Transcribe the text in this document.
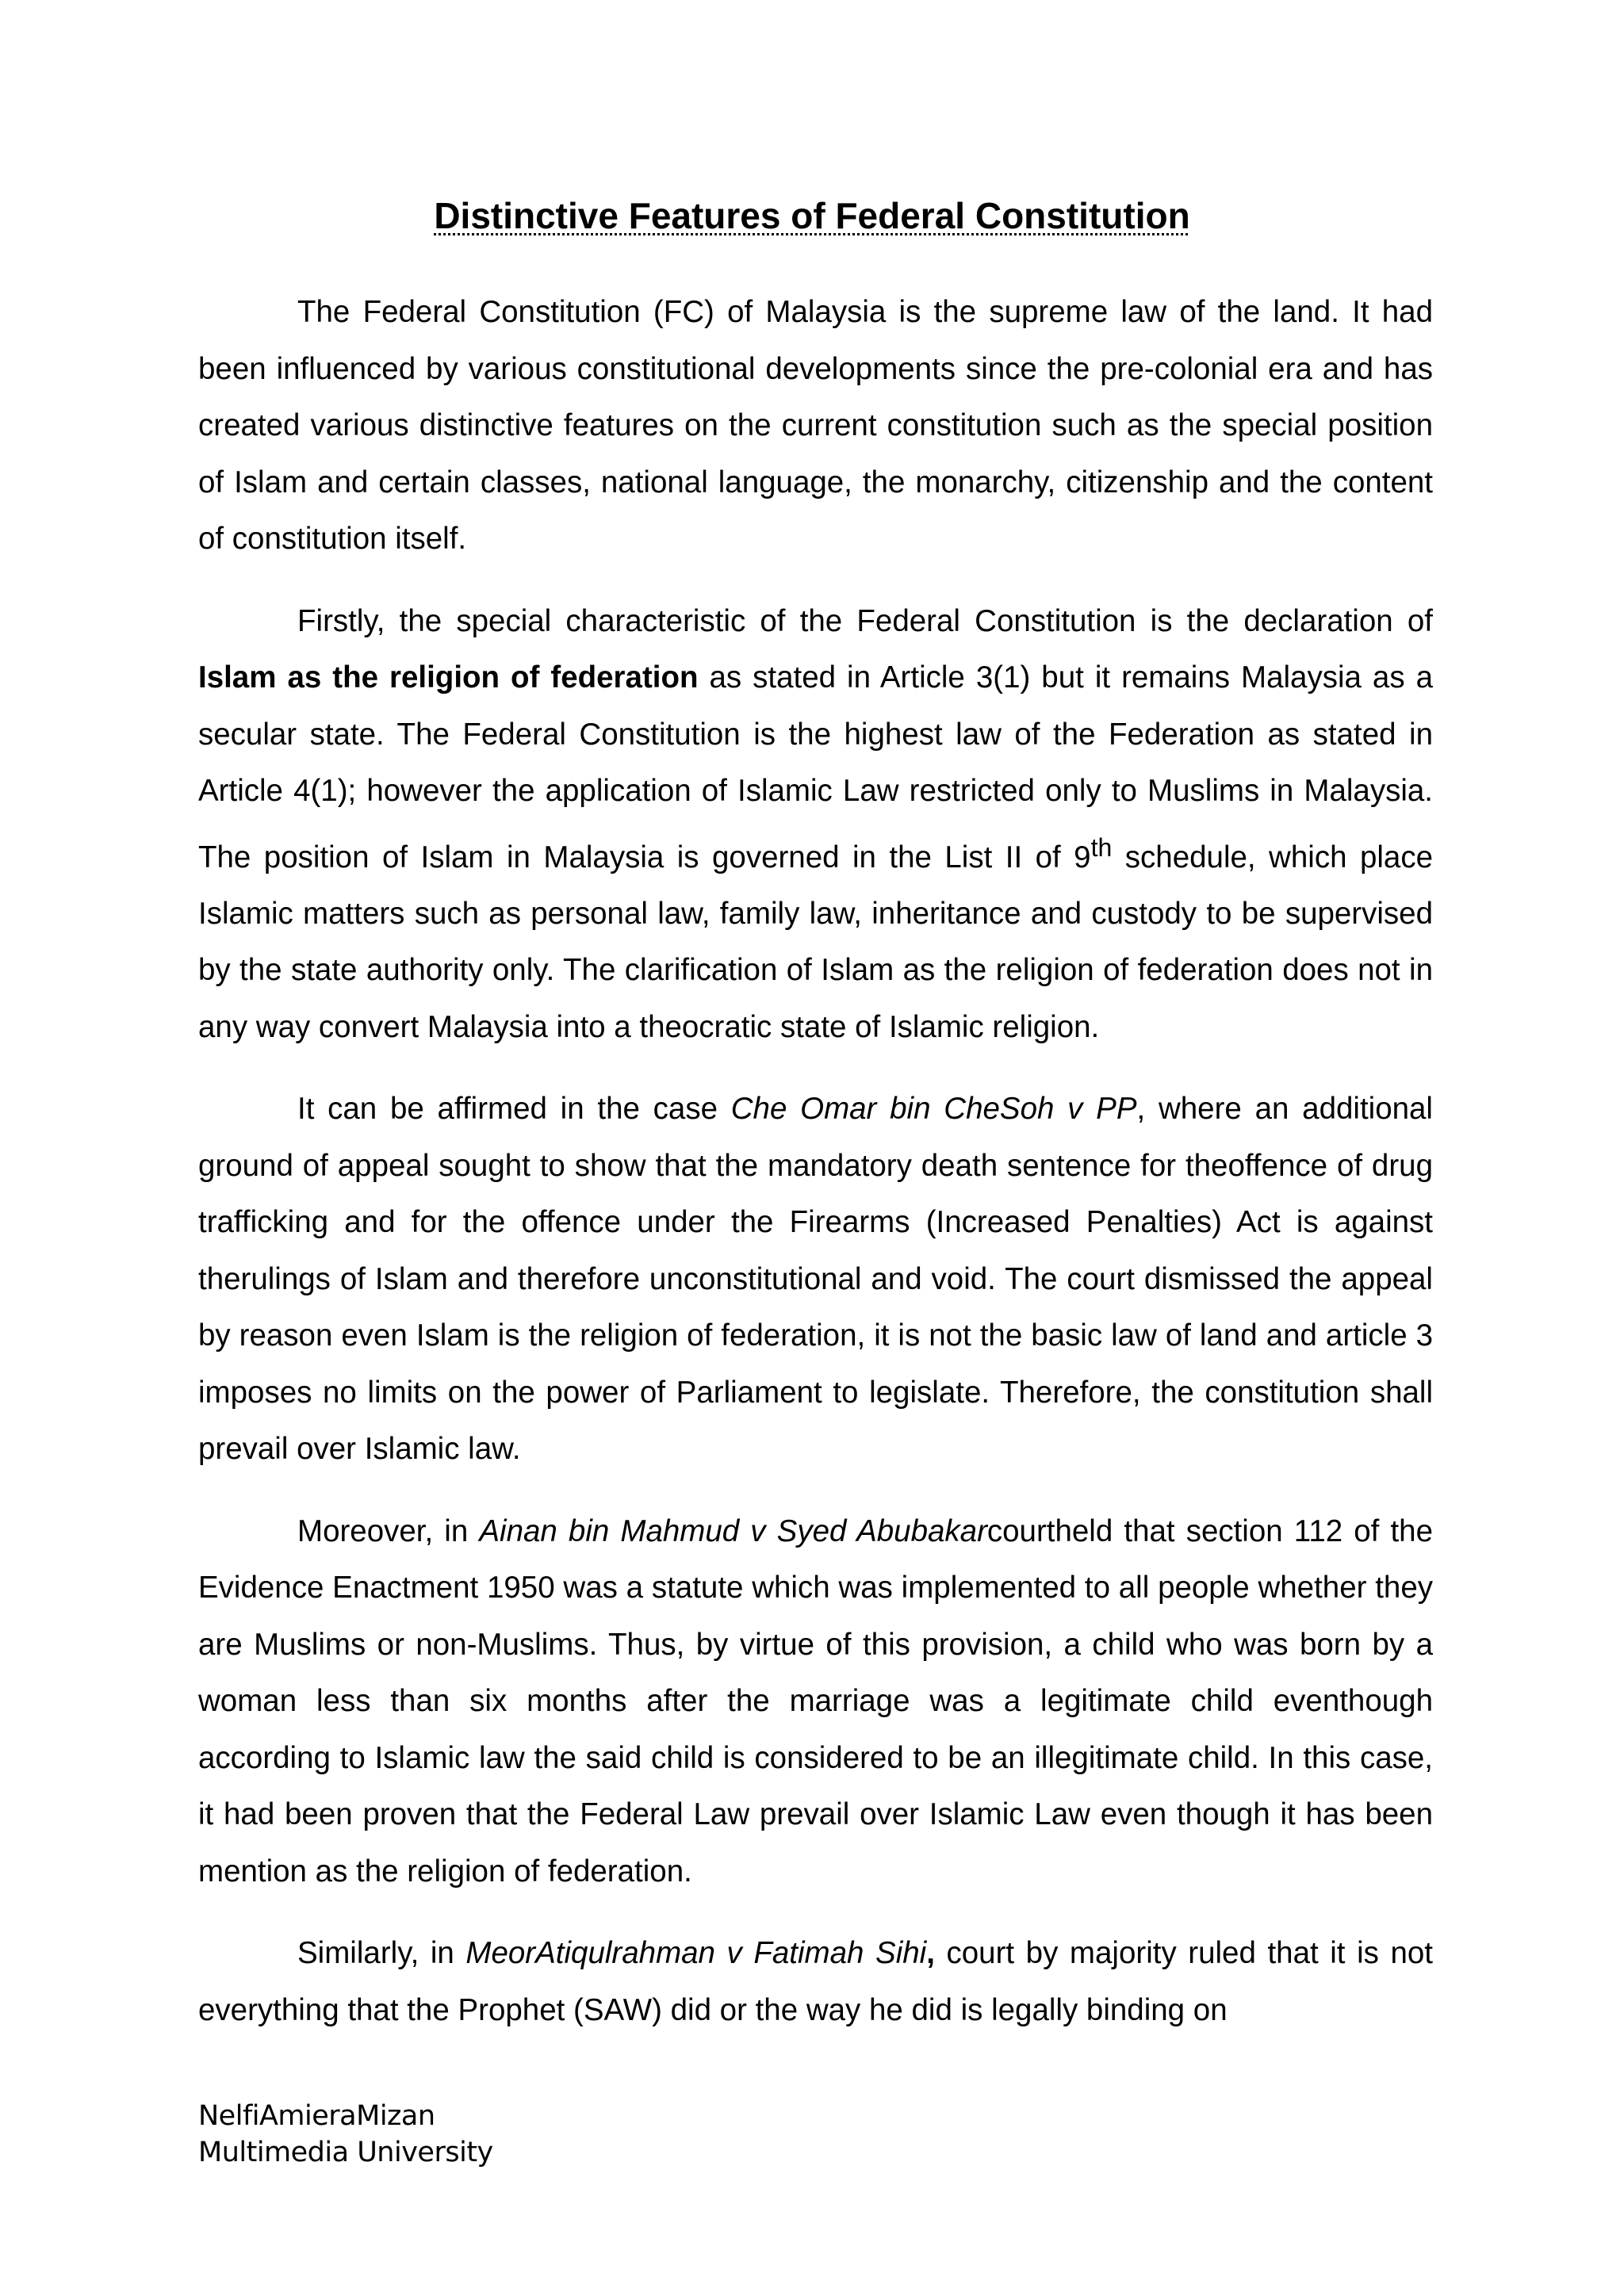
Distinctive Features of Federal Constitution

The Federal Constitution (FC) of Malaysia is the supreme law of the land. It had been influenced by various constitutional developments since the pre-colonial era and has created various distinctive features on the current constitution such as the special position of Islam and certain classes, national language, the monarchy, citizenship and the content of constitution itself.

Firstly, the special characteristic of the Federal Constitution is the declaration of Islam as the religion of federation as stated in Article 3(1) but it remains Malaysia as a secular state. The Federal Constitution is the highest law of the Federation as stated in Article 4(1); however the application of Islamic Law restricted only to Muslims in Malaysia. The position of Islam in Malaysia is governed in the List II of 9th schedule, which place Islamic matters such as personal law, family law, inheritance and custody to be supervised by the state authority only. The clarification of Islam as the religion of federation does not in any way convert Malaysia into a theocratic state of Islamic religion.

It can be affirmed in the case Che Omar bin CheSoh v PP, where an additional ground of appeal sought to show that the mandatory death sentence for theoffence of drug trafficking and for the offence under the Firearms (Increased Penalties) Act is against therulings of Islam and therefore unconstitutional and void. The court dismissed the appeal by reason even Islam is the religion of federation, it is not the basic law of land and article 3 imposes no limits on the power of Parliament to legislate. Therefore, the constitution shall prevail over Islamic law.

Moreover, in Ainan bin Mahmud v Syed Abubakarcourtheld that section 112 of the Evidence Enactment 1950 was a statute which was implemented to all people whether they are Muslims or non-Muslims. Thus, by virtue of this provision, a child who was born by a woman less than six months after the marriage was a legitimate child eventhough according to Islamic law the said child is considered to be an illegitimate child. In this case, it had been proven that the Federal Law prevail over Islamic Law even though it has been mention as the religion of federation.

Similarly, in MeorAtiqulrahman v Fatimah Sihi, court by majority ruled that it is not everything that the Prophet (SAW) did or the way he did is legally binding on

NelfiAmieraMizan
Multimedia University
